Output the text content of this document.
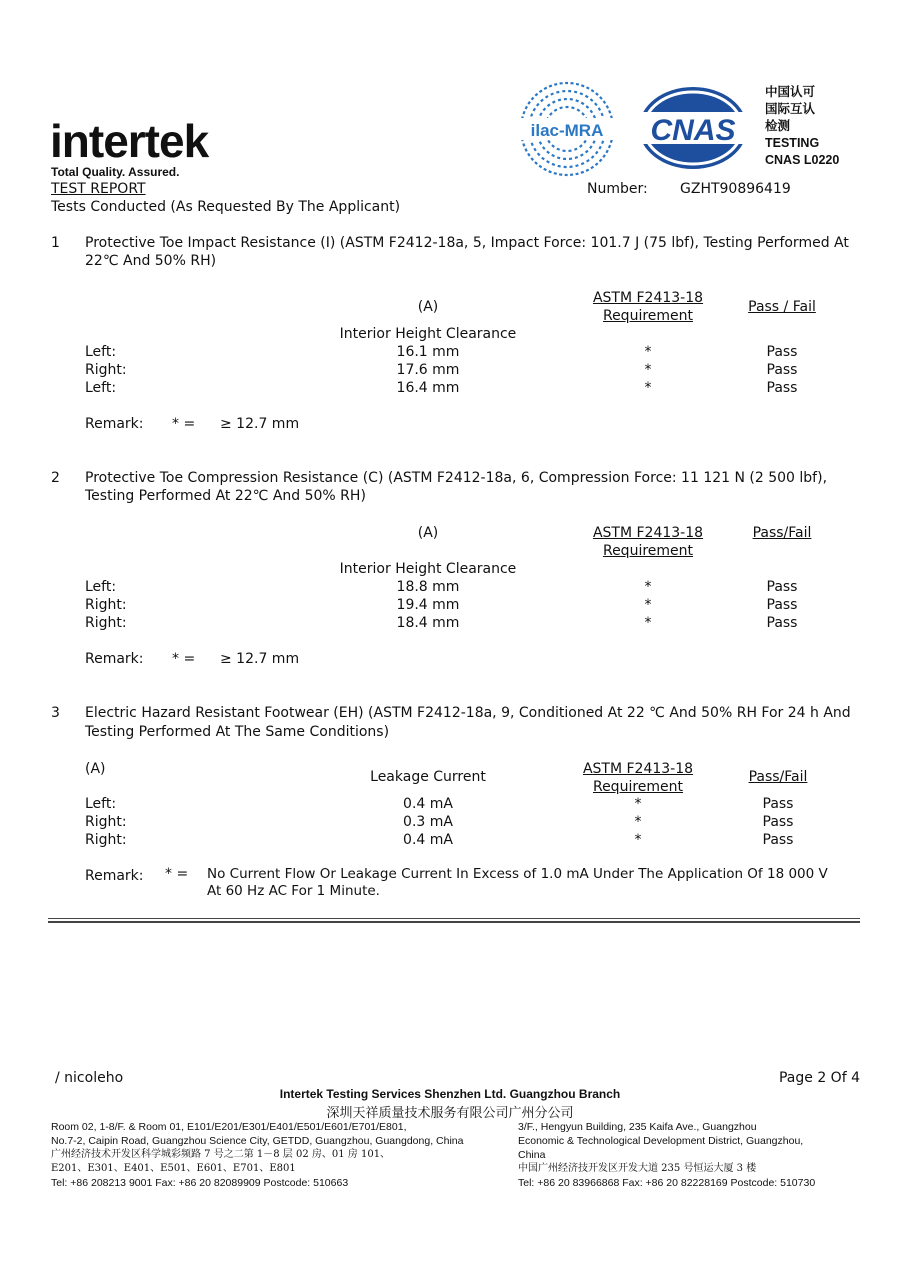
intertek
Total Quality. Assured.
ilac-MRA CNAS
中国认可
国际互认
检测
TESTING
CNAS L0220
TEST REPORT	Number: GZHT90896419
Tests Conducted (As Requested By The Applicant)
1 Protective Toe Impact Resistance (I) (ASTM F2412-18a, 5, Impact Force: 101.7 J (75 lbf), Testing Performed At
22℃ And 50% RH)
(A)
ASTM F2413-18
Requirement
Pass / Fail
Interior Height Clearance
Left:	16.1 mm	*	Pass
Right:	17.6 mm	*	Pass
Left:	16.4 mm	*	Pass
Remark: * = ≥ 12.7 mm
2 Protective Toe Compression Resistance (C) (ASTM F2412-18a, 6, Compression Force: 11 121 N (2 500 lbf),
Testing Performed At 22℃ And 50% RH)
(A)	ASTM F2413-18
Requirement
Pass/Fail
Interior Height Clearance
Left:	18.8 mm	*	Pass
Right:	19.4 mm	*	Pass
Right:	18.4 mm	*	Pass
Remark: * = ≥ 12.7 mm
3 Electric Hazard Resistant Footwear (EH) (ASTM F2412-18a, 9, Conditioned At 22 ℃ And 50% RH For 24 h And
Testing Performed At The Same Conditions)
(A)	Leakage Current	ASTM F2413-18
Requirement
Pass/Fail
Left:	0.4 mA	*	Pass
Right:	0.3 mA	*	Pass
Right:	0.4 mA	*	Pass
Remark: * = No Current Flow Or Leakage Current In Excess of 1.0 mA Under The Application Of 18 000 V
At 60 Hz AC For 1 Minute.
/ nicoleho	Page 2 Of 4
Intertek Testing Services Shenzhen Ltd. Guangzhou Branch
深圳天祥质量技术服务有限公司广州分公司
Room 02, 1-8/F. & Room 01, E101/E201/E301/E401/E501/E601/E701/E801,
No.7-2, Caipin Road, Guangzhou Science City, GETDD, Guangzhou, Guangdong, China
广州经济技术开发区科学城彩频路 7 号之二第 1－8 层 02 房、01 房 101、
E201、E301、E401、E501、E601、E701、E801
Tel: +86 208213 9001 Fax: +86 20 82089909 Postcode: 510663
3/F., Hengyun Building, 235 Kaifa Ave., Guangzhou
Economic & Technological Development District, Guangzhou,
China
中国广州经济技开发区开发大道 235 号恒运大厦 3 楼
Tel: +86 20 83966868 Fax: +86 20 82228169 Postcode: 510730
